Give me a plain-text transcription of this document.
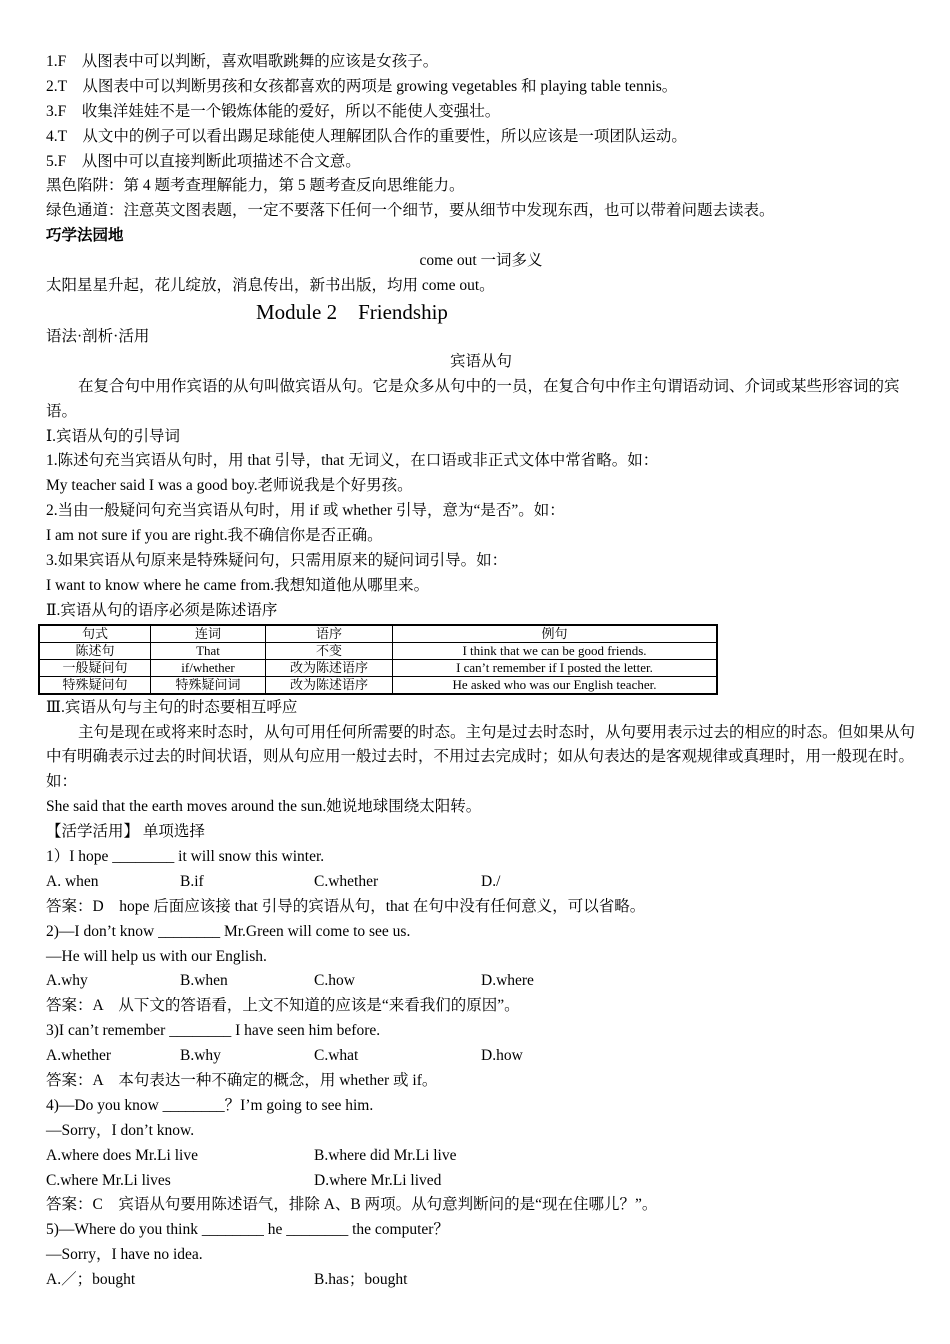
1.F　从图表中可以判断，喜欢唱歌跳舞的应该是女孩子。
2.T　从图表中可以判断男孩和女孩都喜欢的两项是 growing vegetables 和 playing table tennis。
3.F　收集洋娃娃不是一个锻炼体能的爱好，所以不能使人变强壮。
4.T　从文中的例子可以看出踢足球能使人理解团队合作的重要性，所以应该是一项团队运动。
5.F　从图中可以直接判断此项描述不合文意。
黑色陷阱：第 4 题考查理解能力，第 5 题考查反向思维能力。
绿色通道：注意英文图表题，一定不要落下任何一个细节，要从细节中发现东西，也可以带着问题去读表。
巧学法园地
come out 一词多义
太阳星星升起，花儿绽放，消息传出，新书出版，均用 come out。
Module 2　Friendship
语法·剖析·活用
宾语从句
在复合句中用作宾语的从句叫做宾语从句。它是众多从句中的一员，在复合句中作主句谓语动词、介词或某些形容词的宾语。
Ⅰ.宾语从句的引导词
1.陈述句充当宾语从句时，用 that 引导，that 无词义，在口语或非正式文体中常省略。如：
My teacher said I was a good boy.老师说我是个好男孩。
2.当由一般疑问句充当宾语从句时，用 if 或 whether 引导，意为“是否”。如：
I am not sure if you are right.我不确信你是否正确。
3.如果宾语从句原来是特殊疑问句，只需用原来的疑问词引导。如：
I want to know where he came from.我想知道他从哪里来。
Ⅱ.宾语从句的语序必须是陈述语序
句式	连词	语序	例句
陈述句	That	不变	I think that we can be good friends.
一般疑问句	if/whether	改为陈述语序	I can’t remember if I posted the letter.
特殊疑问句	特殊疑问词	改为陈述语序	He asked who was our English teacher.
Ⅲ.宾语从句与主句的时态要相互呼应
主句是现在或将来时态时，从句可用任何所需要的时态。主句是过去时态时，从句要用表示过去的相应的时态。但如果从句中有明确表示过去的时间状语，则从句应用一般过去时，不用过去完成时；如从句表达的是客观规律或真理时，用一般现在时。如：
She said that the earth moves around the sun.她说地球围绕太阳转。
【活学活用】 单项选择
1）I hope ________ it will snow this winter.
A. when	B.if	C.whether	D./
答案：D　hope 后面应该接 that 引导的宾语从句，that 在句中没有任何意义，可以省略。
2)—I don’t know ________ Mr.Green will come to see us.
—He will help us with our English.
A.why	B.when	C.how	D.where
答案：A　从下文的答语看，上文不知道的应该是“来看我们的原因”。
3)I can’t remember ________ I have seen him before.
A.whether	B.why	C.what	D.how
答案：A　本句表达一种不确定的概念，用 whether 或 if。
4)—Do you know ________？I’m going to see him.
—Sorry，I don’t know.
A.where does Mr.Li live	B.where did Mr.Li live
C.where Mr.Li lives	D.where Mr.Li lived
答案：C　宾语从句要用陈述语气，排除 A、B 两项。从句意判断问的是“现在住哪儿？”。
5)—Where do you think ________ he ________ the computer？
—Sorry，I have no idea.
A.／；bought	B.has；bought
